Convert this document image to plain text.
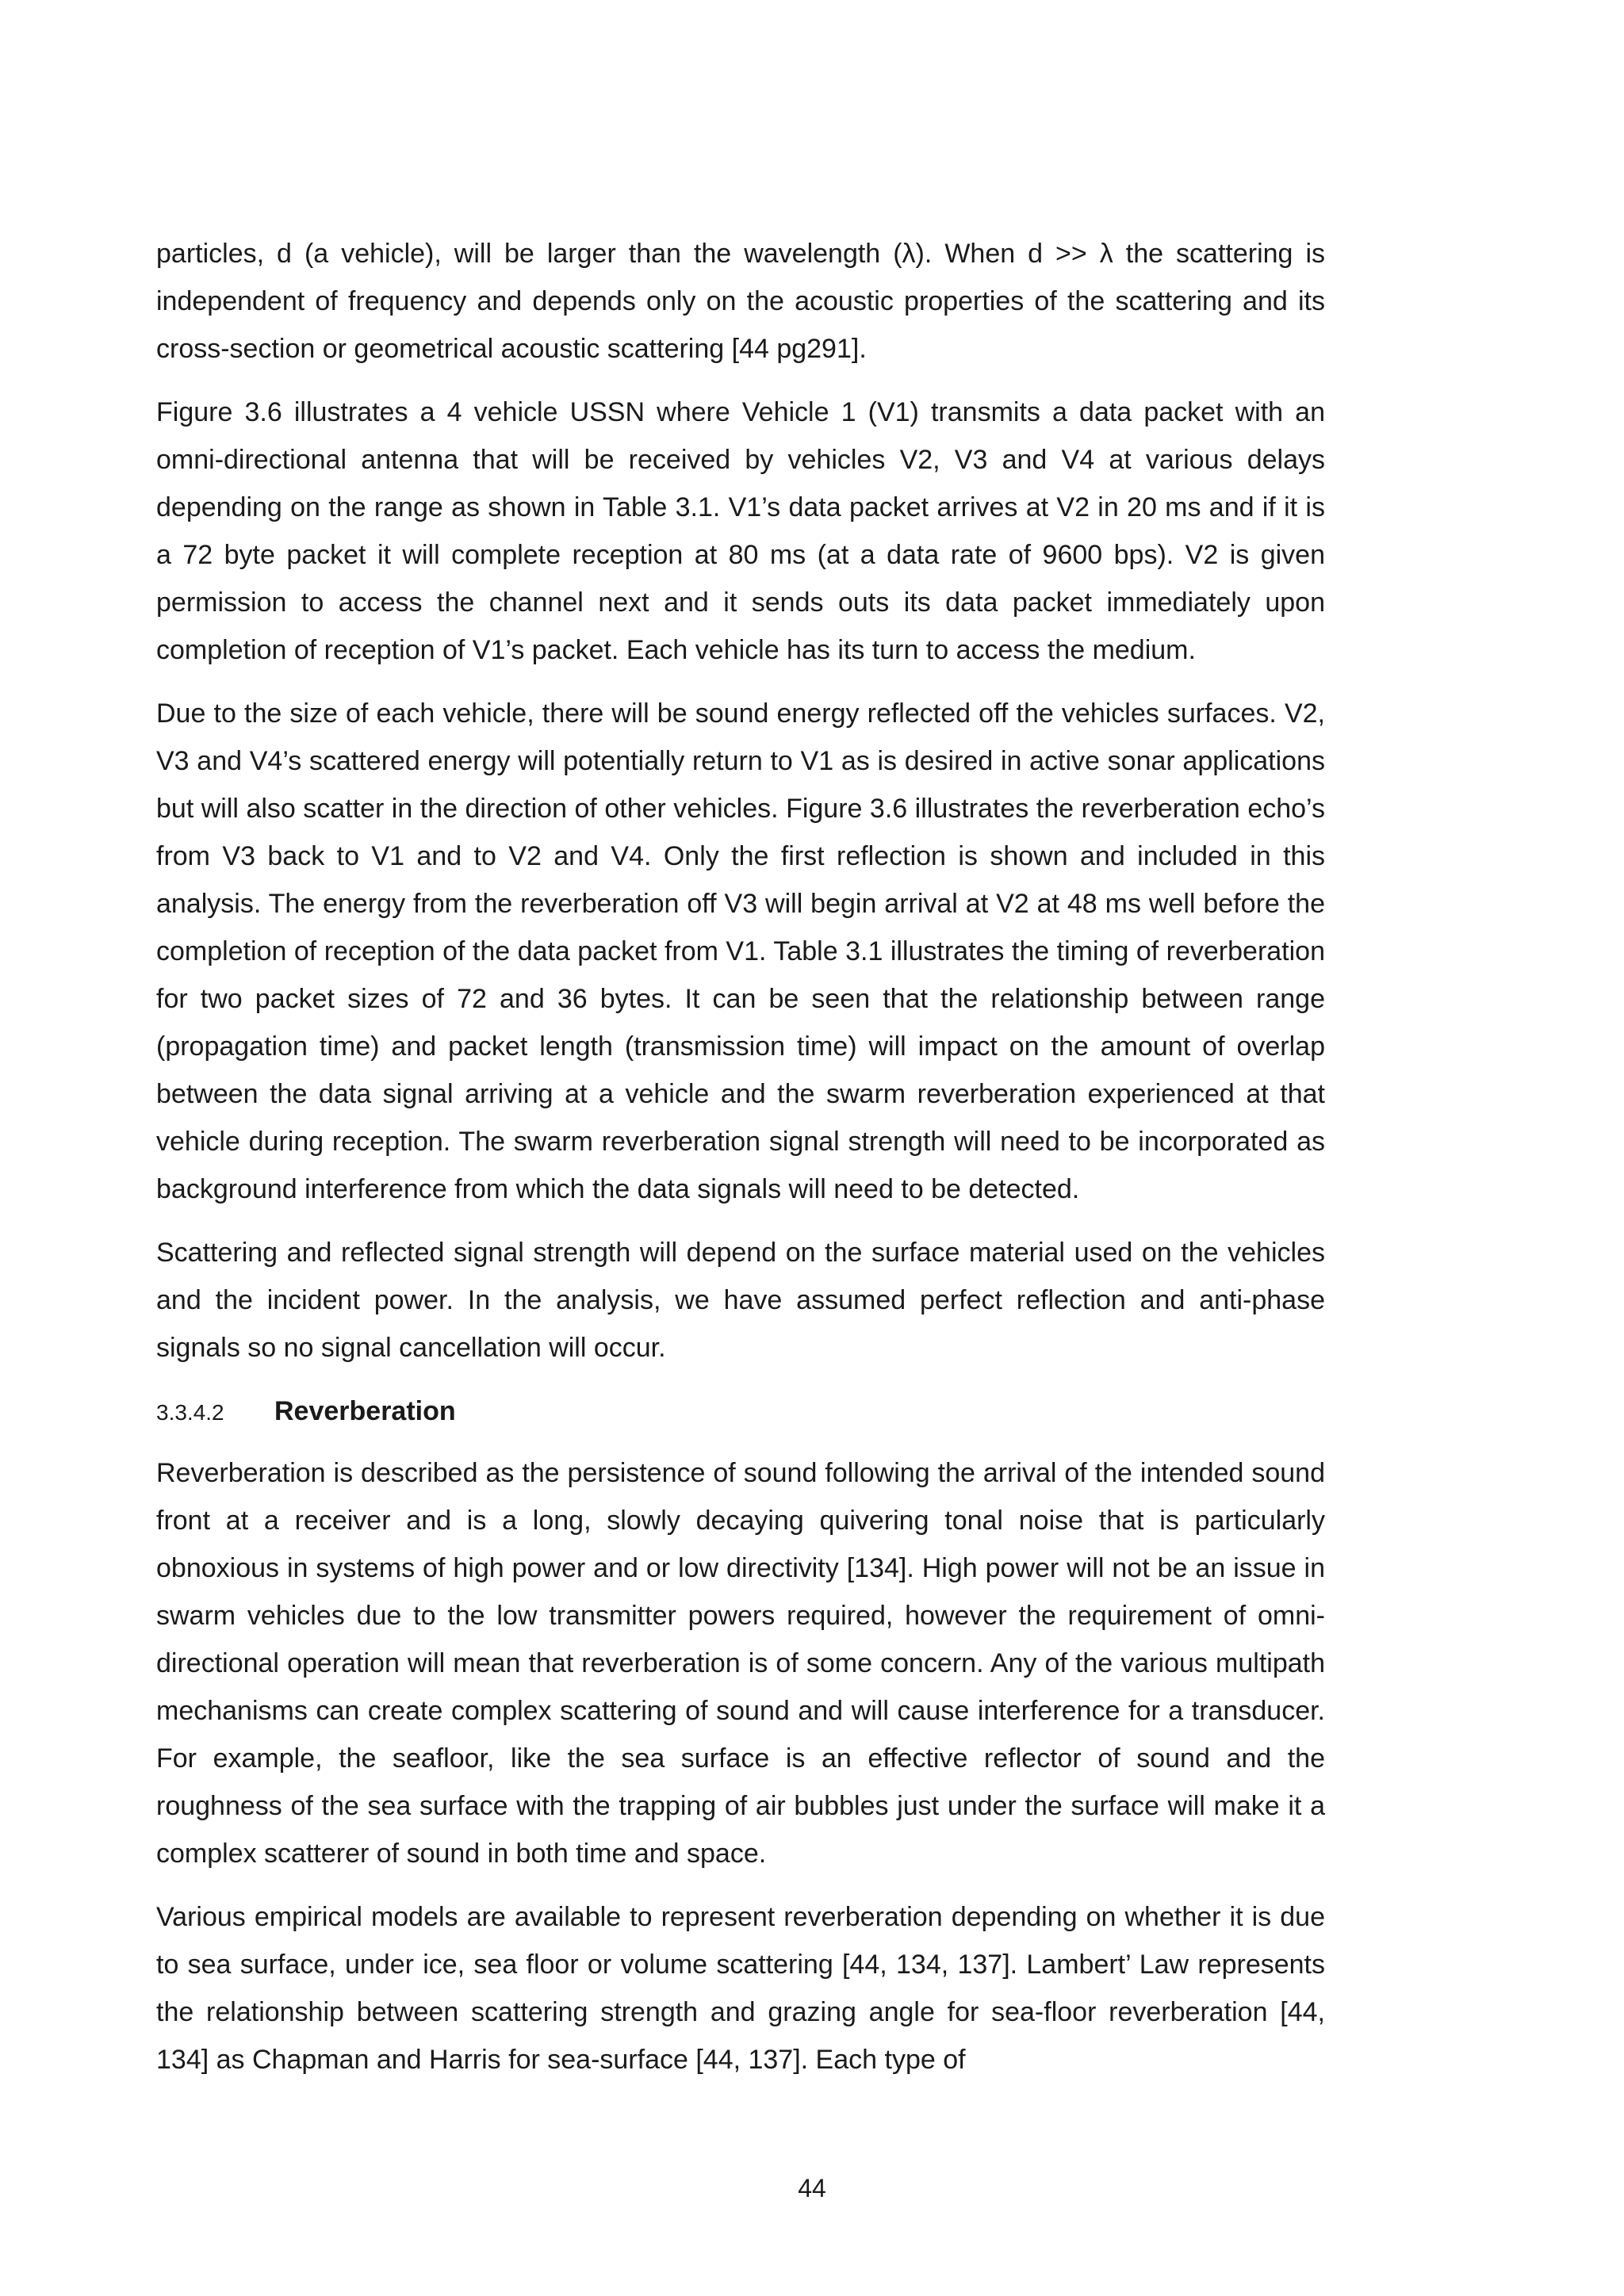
particles, d (a vehicle), will be larger than the wavelength (λ). When d >> λ the scattering is independent of frequency and depends only on the acoustic properties of the scattering and its cross-section or geometrical acoustic scattering [44 pg291].

Figure 3.6 illustrates a 4 vehicle USSN where Vehicle 1 (V1) transmits a data packet with an omni-directional antenna that will be received by vehicles V2, V3 and V4 at various delays depending on the range as shown in Table 3.1. V1’s data packet arrives at V2 in 20 ms and if it is a 72 byte packet it will complete reception at 80 ms (at a data rate of 9600 bps). V2 is given permission to access the channel next and it sends outs its data packet immediately upon completion of reception of V1’s packet. Each vehicle has its turn to access the medium.

Due to the size of each vehicle, there will be sound energy reflected off the vehicles surfaces. V2, V3 and V4’s scattered energy will potentially return to V1 as is desired in active sonar applications but will also scatter in the direction of other vehicles. Figure 3.6 illustrates the reverberation echo’s from V3 back to V1 and to V2 and V4. Only the first reflection is shown and included in this analysis. The energy from the reverberation off V3 will begin arrival at V2 at 48 ms well before the completion of reception of the data packet from V1. Table 3.1 illustrates the timing of reverberation for two packet sizes of 72 and 36 bytes. It can be seen that the relationship between range (propagation time) and packet length (transmission time) will impact on the amount of overlap between the data signal arriving at a vehicle and the swarm reverberation experienced at that vehicle during reception. The swarm reverberation signal strength will need to be incorporated as background interference from which the data signals will need to be detected.

Scattering and reflected signal strength will depend on the surface material used on the vehicles and the incident power. In the analysis, we have assumed perfect reflection and anti-phase signals so no signal cancellation will occur.

3.3.4.2	Reverberation

Reverberation is described as the persistence of sound following the arrival of the intended sound front at a receiver and is a long, slowly decaying quivering tonal noise that is particularly obnoxious in systems of high power and or low directivity [134]. High power will not be an issue in swarm vehicles due to the low transmitter powers required, however the requirement of omni-directional operation will mean that reverberation is of some concern. Any of the various multipath mechanisms can create complex scattering of sound and will cause interference for a transducer. For example, the seafloor, like the sea surface is an effective reflector of sound and the roughness of the sea surface with the trapping of air bubbles just under the surface will make it a complex scatterer of sound in both time and space.

Various empirical models are available to represent reverberation depending on whether it is due to sea surface, under ice, sea floor or volume scattering [44, 134, 137]. Lambert’ Law represents the relationship between scattering strength and grazing angle for sea-floor reverberation [44, 134] as Chapman and Harris for sea-surface [44, 137]. Each type of

44
